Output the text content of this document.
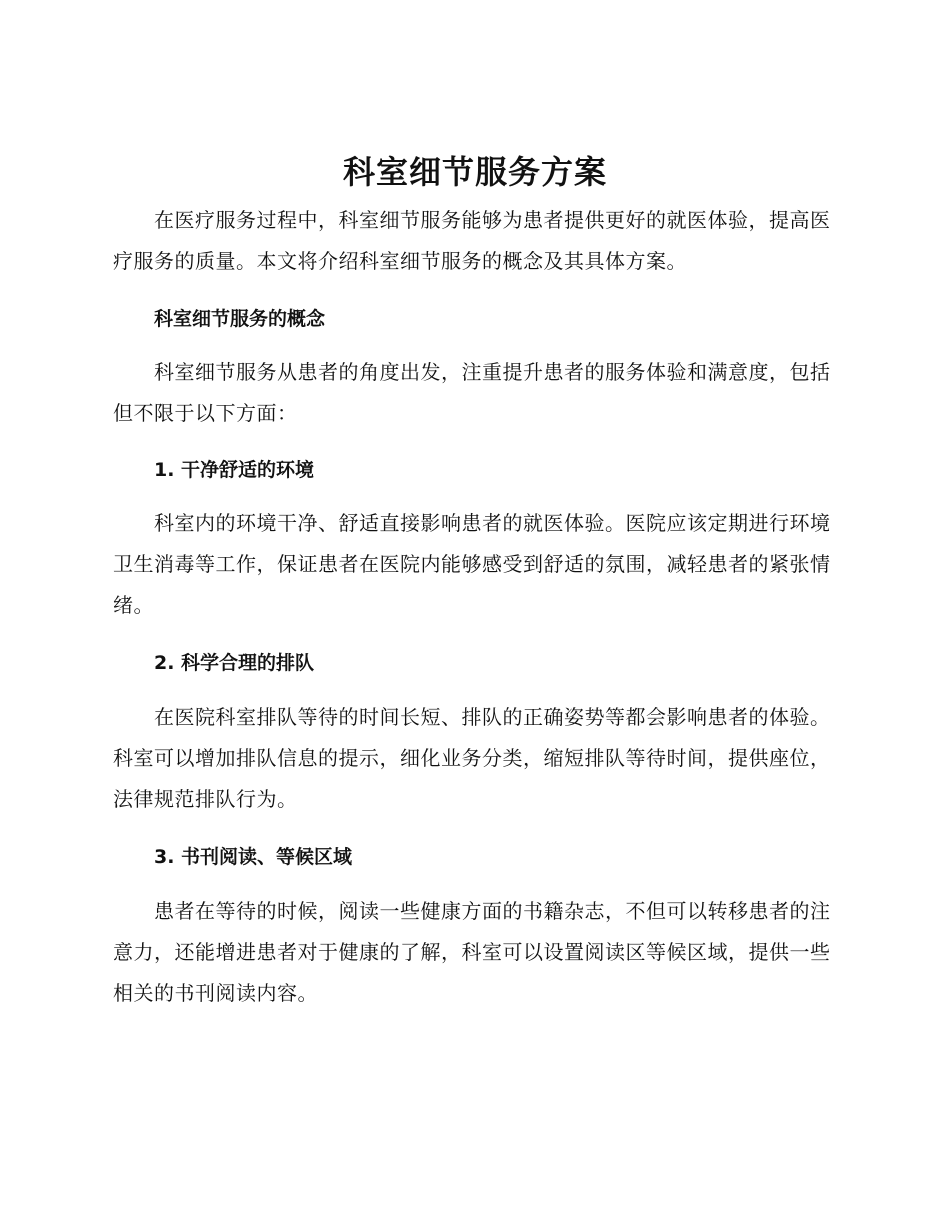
科室细节服务方案

在医疗服务过程中，科室细节服务能够为患者提供更好的就医体验，提高医疗服务的质量。本文将介绍科室细节服务的概念及其具体方案。

科室细节服务的概念

科室细节服务从患者的角度出发，注重提升患者的服务体验和满意度，包括但不限于以下方面：

1. 干净舒适的环境

科室内的环境干净、舒适直接影响患者的就医体验。医院应该定期进行环境卫生消毒等工作，保证患者在医院内能够感受到舒适的氛围，减轻患者的紧张情绪。

2. 科学合理的排队

在医院科室排队等待的时间长短、排队的正确姿势等都会影响患者的体验。科室可以增加排队信息的提示，细化业务分类，缩短排队等待时间，提供座位，法律规范排队行为。

3. 书刊阅读、等候区域

患者在等待的时候，阅读一些健康方面的书籍杂志，不但可以转移患者的注意力，还能增进患者对于健康的了解，科室可以设置阅读区等候区域，提供一些相关的书刊阅读内容。
